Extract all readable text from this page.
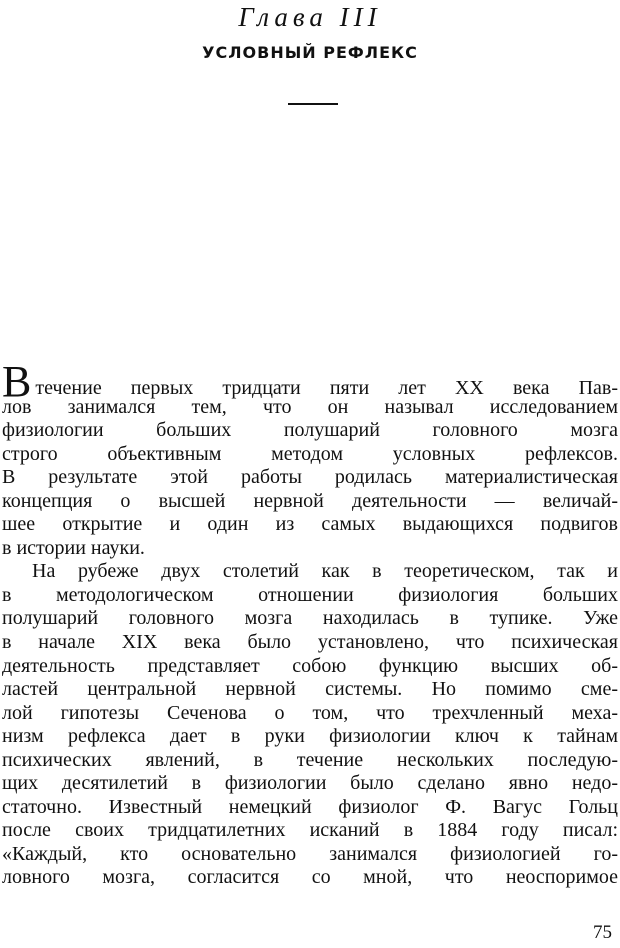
Глава III
УСЛОВНЫЙ РЕФЛЕКС
Втечение первых тридцати пяти лет XX века Пав-
лов занимался тем, что он называл исследованием
физиологии больших полушарий головного мозга
строго объективным методом условных рефлексов.
В результате этой работы родилась материалистическая
концепция о высшей нервной деятельности — величай-
шее открытие и один из самых выдающихся подвигов
в истории науки.
На рубеже двух столетий как в теоретическом, так и
в методологическом отношении физиология больших
полушарий головного мозга находилась в тупике. Уже
в начале XIX века было установлено, что психическая
деятельность представляет собою функцию высших об-
ластей центральной нервной системы. Но помимо сме-
лой гипотезы Сеченова о том, что трехчленный меха-
низм рефлекса дает в руки физиологии ключ к тайнам
психических явлений, в течение нескольких последую-
щих десятилетий в физиологии было сделано явно недо-
статочно. Известный немецкий физиолог Ф. Вагус Гольц
после своих тридцатилетних исканий в 1884 году писал:
«Каждый, кто основательно занимался физиологией го-
ловного мозга, согласится со мной, что неоспоримое
75
